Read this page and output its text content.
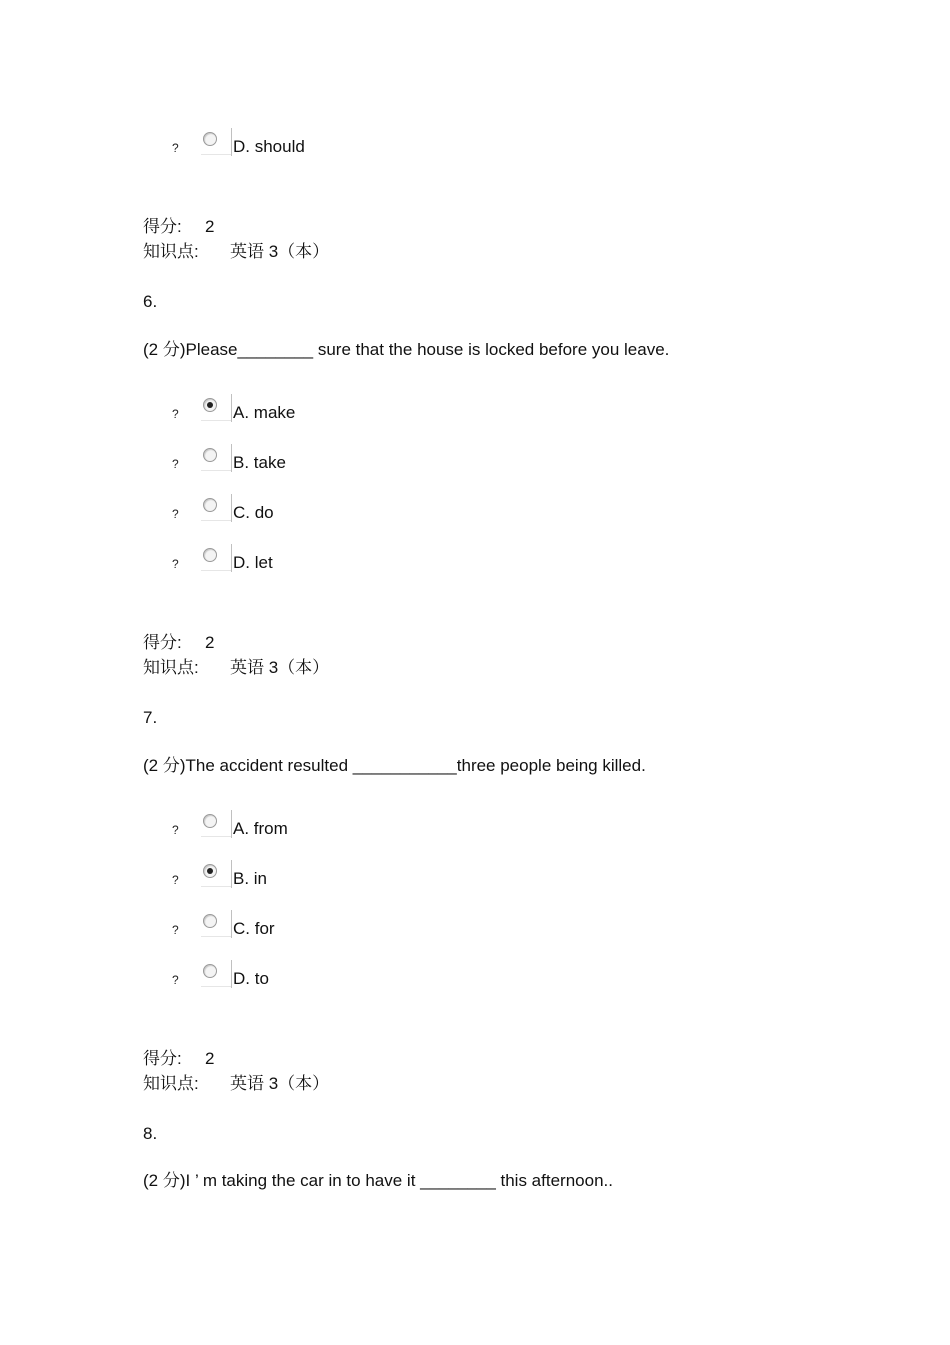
?	D. should
得分: 2
知识点: 英语 3（本）
6.
(2 分)Please________ sure that the house is locked before you leave.
?	A. make
?	B. take
?	C. do
?	D. let
得分: 2
知识点: 英语 3（本）
7.
(2 分)The accident resulted ___________three people being killed.
?	A. from
?	B. in
?	C. for
?	D. to
得分: 2
知识点: 英语 3（本）
8.
(2 分)I ’ m taking the car in to have it ________ this afternoon..
